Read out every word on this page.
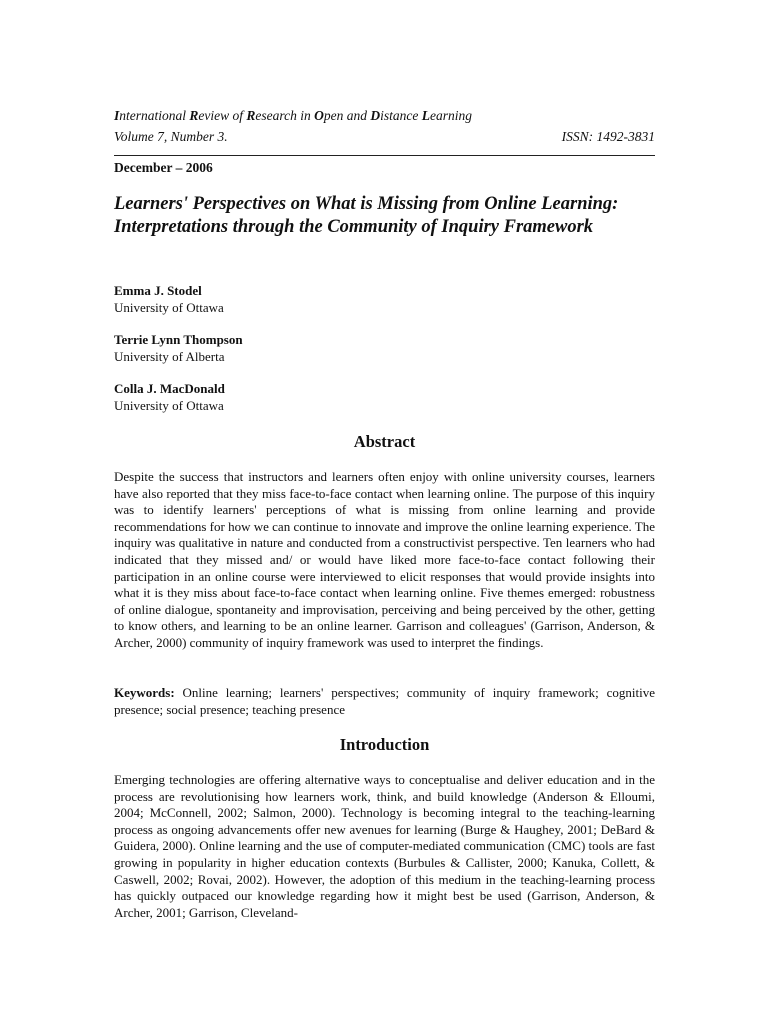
International Review of Research in Open and Distance Learning
Volume 7, Number 3.	ISSN: 1492-3831
December – 2006
Learners' Perspectives on What is Missing from Online Learning: Interpretations through the Community of Inquiry Framework
Emma J. Stodel
University of Ottawa
Terrie Lynn Thompson
University of Alberta
Colla J. MacDonald
University of Ottawa
Abstract

Despite the success that instructors and learners often enjoy with online university courses, learners have also reported that they miss face-to-face contact when learning online. The purpose of this inquiry was to identify learners' perceptions of what is missing from online learning and provide recommendations for how we can continue to innovate and improve the online learning experience. The inquiry was qualitative in nature and conducted from a constructivist perspective. Ten learners who had indicated that they missed and/ or would have liked more face-to-face contact following their participation in an online course were interviewed to elicit responses that would provide insights into what it is they miss about face-to-face contact when learning online. Five themes emerged: robustness of online dialogue, spontaneity and improvisation, perceiving and being perceived by the other, getting to know others, and learning to be an online learner. Garrison and colleagues' (Garrison, Anderson, & Archer, 2000) community of inquiry framework was used to interpret the findings.

Keywords: Online learning; learners' perspectives; community of inquiry framework; cognitive presence; social presence; teaching presence

Introduction

Emerging technologies are offering alternative ways to conceptualise and deliver education and in the process are revolutionising how learners work, think, and build knowledge (Anderson & Elloumi, 2004; McConnell, 2002; Salmon, 2000). Technology is becoming integral to the teaching-learning process as ongoing advancements offer new avenues for learning (Burge & Haughey, 2001; DeBard & Guidera, 2000). Online learning and the use of computer-mediated communication (CMC) tools are fast growing in popularity in higher education contexts (Burbules & Callister, 2000; Kanuka, Collett, & Caswell, 2002; Rovai, 2002). However, the adoption of this medium in the teaching-learning process has quickly outpaced our knowledge regarding how it might best be used (Garrison, Anderson, & Archer, 2001; Garrison, Cleveland-
